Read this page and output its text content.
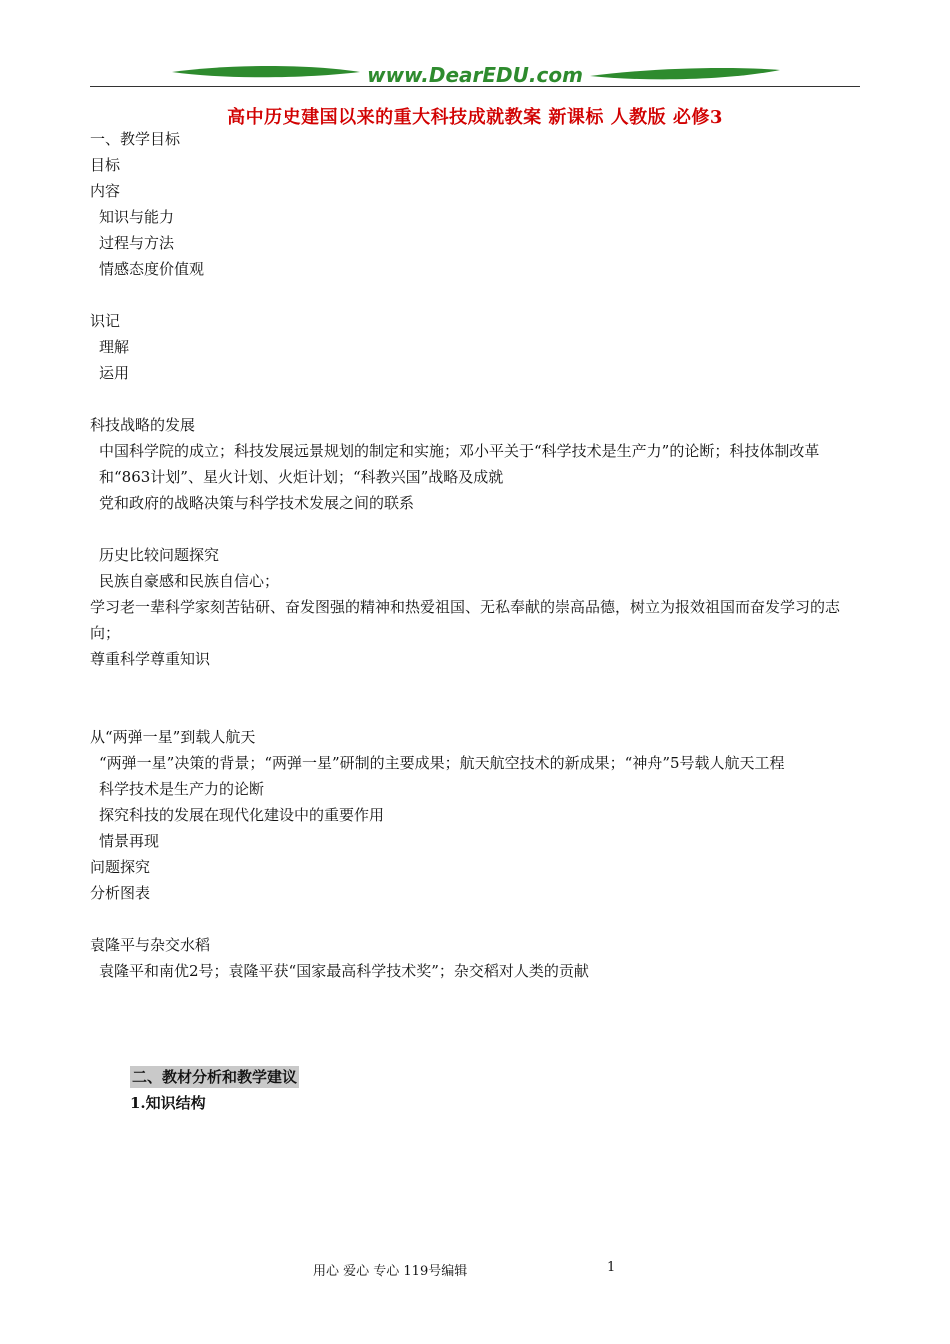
www.DearEDU.com
高中历史建国以来的重大科技成就教案 新课标 人教版 必修3
一、教学目标
目标
内容
知识与能力
过程与方法
情感态度价值观
识记
理解
运用
科技战略的发展
中国科学院的成立；科技发展远景规划的制定和实施；邓小平关于“科学技术是生产力”的论断；科技体制改革和“863计划”、星火计划、火炬计划；“科教兴国”战略及成就
党和政府的战略决策与科学技术发展之间的联系
历史比较问题探究
民族自豪感和民族自信心；
学习老一辈科学家刻苦钻研、奋发图强的精神和热爱祖国、无私奉献的崇高品德，树立为报效祖国而奋发学习的志向；
尊重科学尊重知识
从“两弹一星”到载人航天
“两弹一星”决策的背景；“两弹一星”研制的主要成果；航天航空技术的新成果；“神舟”5号载人航天工程
科学技术是生产力的论断
探究科技的发展在现代化建设中的重要作用
情景再现
问题探究
分析图表
袁隆平与杂交水稻
袁隆平和南优2号；袁隆平获“国家最高科学技术奖”；杂交稻对人类的贡献
二、教材分析和教学建议
1.知识结构
用心 爱心 专心 119号编辑	1
